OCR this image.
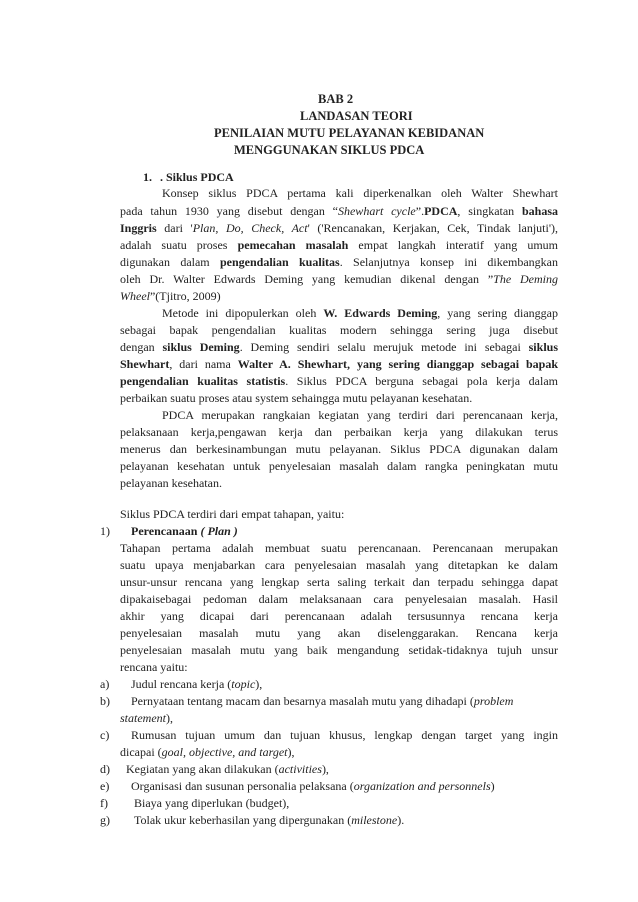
BAB 2
LANDASAN TEORI
PENILAIAN MUTU PELAYANAN KEBIDANAN
MENGGUNAKAN SIKLUS PDCA
1. . Siklus PDCA
Konsep siklus PDCA pertama kali diperkenalkan oleh Walter Shewhart
pada tahun 1930 yang disebut dengan “Shewhart cycle”.PDCA, singkatan bahasa
Inggris dari 'Plan, Do, Check, Act' ('Rencanakan, Kerjakan, Cek, Tindak lanjuti'),
adalah suatu proses pemecahan masalah empat langkah interatif yang umum
digunakan dalam pengendalian kualitas. Selanjutnya konsep ini dikembangkan
oleh Dr. Walter Edwards Deming yang kemudian dikenal dengan ”The Deming
Wheel”(Tjitro, 2009)
Metode ini dipopulerkan oleh W. Edwards Deming, yang sering dianggap
sebagai bapak pengendalian kualitas modern sehingga sering juga disebut
dengan siklus Deming. Deming sendiri selalu merujuk metode ini sebagai siklus
Shewhart, dari nama Walter A. Shewhart, yang sering dianggap sebagai bapak
pengendalian kualitas statistis. Siklus PDCA berguna sebagai pola kerja dalam
perbaikan suatu proses atau system sehaingga mutu pelayanan kesehatan.
PDCA merupakan rangkaian kegiatan yang terdiri dari perencanaan kerja,
pelaksanaan kerja,pengawan kerja dan perbaikan kerja yang dilakukan terus
menerus dan berkesinambungan mutu pelayanan. Siklus PDCA digunakan dalam
pelayanan kesehatan untuk penyelesaian masalah dalam rangka peningkatan mutu
pelayanan kesehatan.
Siklus PDCA terdiri dari empat tahapan, yaitu:
1) Perencanaan ( Plan )
Tahapan pertama adalah membuat suatu perencanaan. Perencanaan merupakan
suatu upaya menjabarkan cara penyelesaian masalah yang ditetapkan ke dalam
unsur-unsur rencana yang lengkap serta saling terkait dan terpadu sehingga dapat
dipakaisebagai pedoman dalam melaksanaan cara penyelesaian masalah. Hasil
akhir yang dicapai dari perencanaan adalah tersusunnya rencana kerja
penyelesaian masalah mutu yang akan diselenggarakan. Rencana kerja
penyelesaian masalah mutu yang baik mengandung setidak-tidaknya tujuh unsur
rencana yaitu:
a) Judul rencana kerja (topic),
b) Pernyataan tentang macam dan besarnya masalah mutu yang dihadapi (problem
statement),
c) Rumusan tujuan umum dan tujuan khusus, lengkap dengan target yang ingin
dicapai (goal, objective, and target),
d) Kegiatan yang akan dilakukan (activities),
e) Organisasi dan susunan personalia pelaksana (organization and personnels)
f) Biaya yang diperlukan (budget),
g) Tolak ukur keberhasilan yang dipergunakan (milestone).
